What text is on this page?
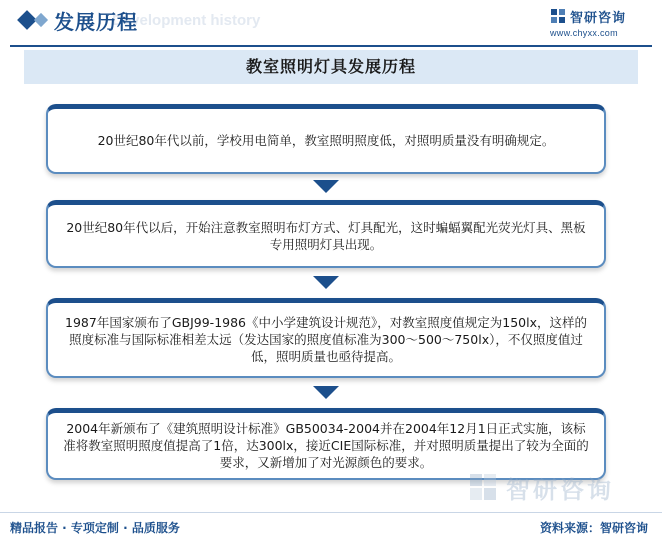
Development history
发展历程	智研咨询
www.chyxx.com
教室照明灯具发展历程

20世纪80年代以前，学校用电简单，教室照明照度低，对照明质量没有明确规定。

20世纪80年代以后，开始注意教室照明布灯方式、灯具配光，这时蝙蝠翼配光荧光灯具、黑板专用照明灯具出现。

1987年国家颁布了GBJ99-1986《中小学建筑设计规范》，对教室照度值规定为150lx，这样的照度标准与国际标准相差太远（发达国家的照度值标准为300～500～750lx），不仅照度值过低，照明质量也亟待提高。

2004年新颁布了《建筑照明设计标准》GB50034-2004并在2004年12月1日正式实施，该标准将教室照明照度值提高了1倍，达300lx，接近CIE国际标准，并对照明质量提出了较为全面的要求，又新增加了对光源颜色的要求。

智研咨询
精品报告 · 专项定制 · 品质服务	资料来源：智研咨询
